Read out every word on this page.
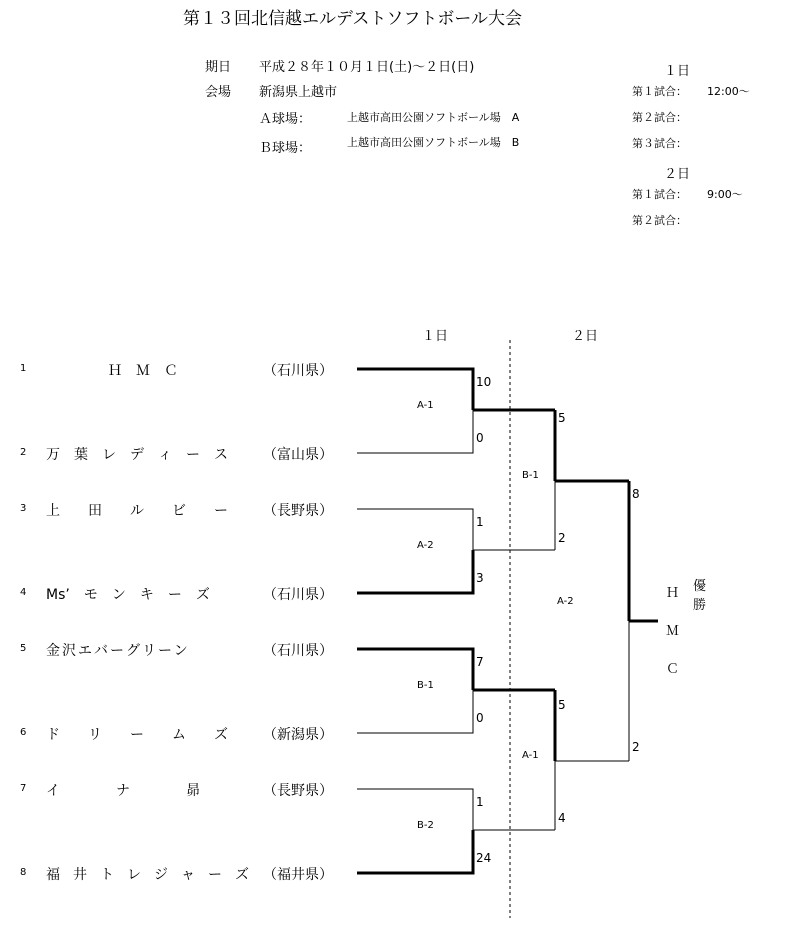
第１３回北信越エルデストソフトボール大会
期日 平成２８年１０月１日(土)～２日(日)
会場 新潟県上越市
Ａ球場：	上越市高田公園ソフトボール場　A
Ｂ球場：	上越市高田公園ソフトボール場　B
１日
第１試合： 12:00～
第２試合：
第３試合：
２日
第１試合： 9:00～
第２試合：
１日	２日
1	Ｈ　Ｍ　Ｃ	（石川県）
2 万　葉　レ　デ　ィ　ー　ス	（富山県）
3 上　　田　　ル　　ビ　　ー	（長野県）
4 Ms’　モ　ン　キ　ー　ズ	（石川県）
5 金沢エバーグリーン	（石川県）
6 ド　　リ　　ー　　ム　　ズ	（新潟県）
7 イ　　　　ナ　　　　昴	（長野県）
8 福　井　ト　レ　ジ　ャ　ー　ズ （福井県）
A-1
10
0
A-2
1
3
B-1
7
0
B-2
1
24
B-1
5
2
A-1
5
4
A-2
8
2
Ｈ
Ｍ
Ｃ
優
勝
